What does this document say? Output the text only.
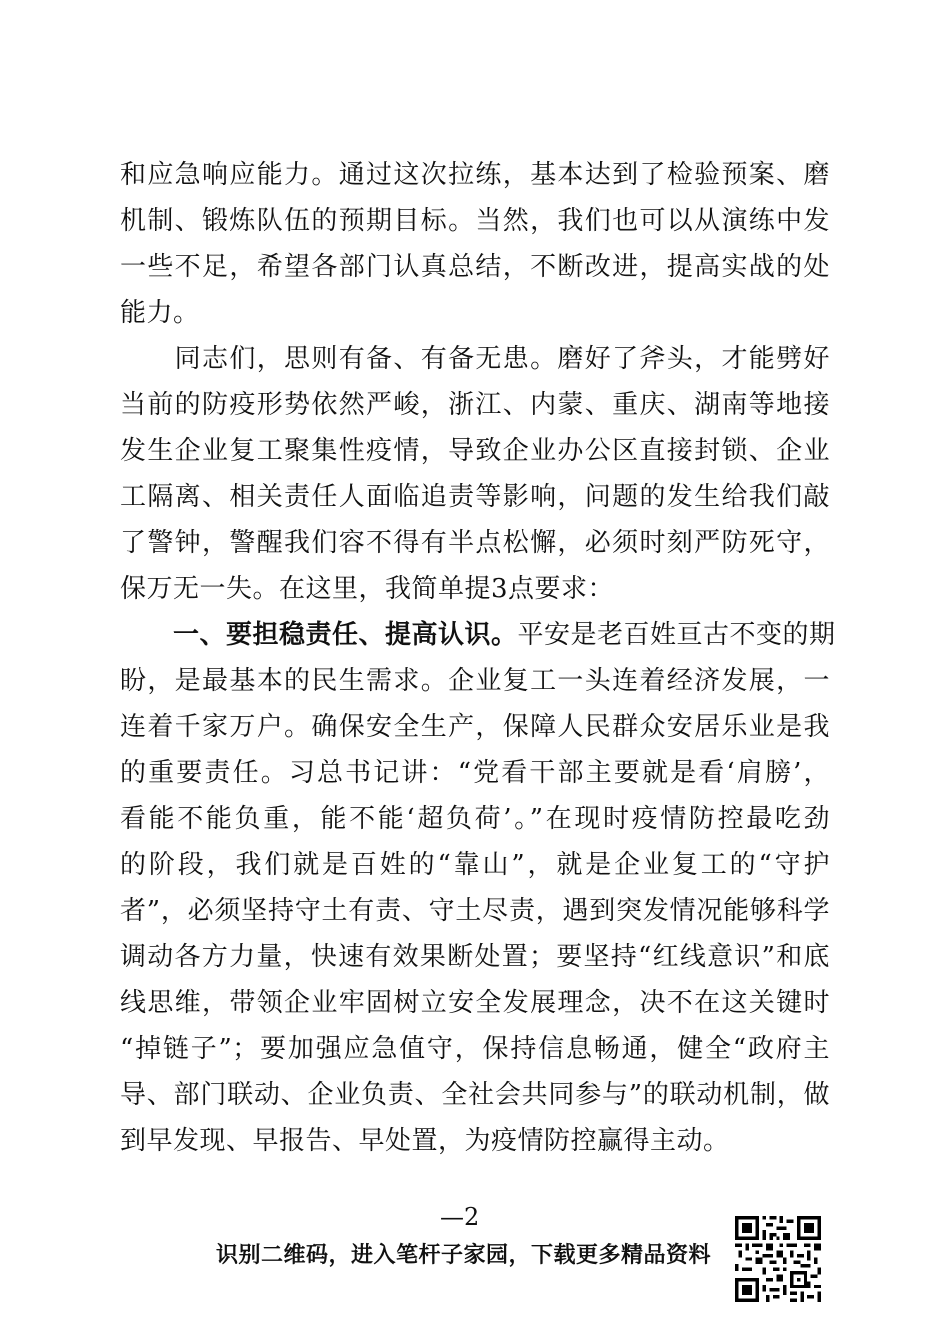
和应急响应能力。通过这次拉练，基本达到了检验预案、磨
机制、锻炼队伍的预期目标。当然，我们也可以从演练中发
一些不足，希望各部门认真总结，不断改进，提高实战的处
能力。
　　同志们，思则有备、有备无患。磨好了斧头，才能劈好
当前的防疫形势依然严峻，浙江、内蒙、重庆、湖南等地接
发生企业复工聚集性疫情，导致企业办公区直接封锁、企业
工隔离、相关责任人面临追责等影响，问题的发生给我们敲
了警钟，警醒我们容不得有半点松懈，必须时刻严防死守，
保万无一失。在这里，我简单提3点要求：
　　一、要担稳责任、提高认识。平安是老百姓亘古不变的期
盼，是最基本的民生需求。企业复工一头连着经济发展，一
连着千家万户。确保安全生产，保障人民群众安居乐业是我
的重要责任。习总书记讲：“党看干部主要就是看‘肩膀’，
看能不能负重，能不能‘超负荷’。”在现时疫情防控最吃劲
的阶段，我们就是百姓的“靠山”，就是企业复工的“守护
者”，必须坚持守土有责、守土尽责，遇到突发情况能够科学
调动各方力量，快速有效果断处置；要坚持“红线意识”和底
线思维，带领企业牢固树立安全发展理念，决不在这关键时
“掉链子”；要加强应急值守，保持信息畅通，健全“政府主
导、部门联动、企业负责、全社会共同参与”的联动机制，做
到早发现、早报告、早处置，为疫情防控赢得主动。
—2
识别二维码，进入笔杆子家园，下载更多精品资料
